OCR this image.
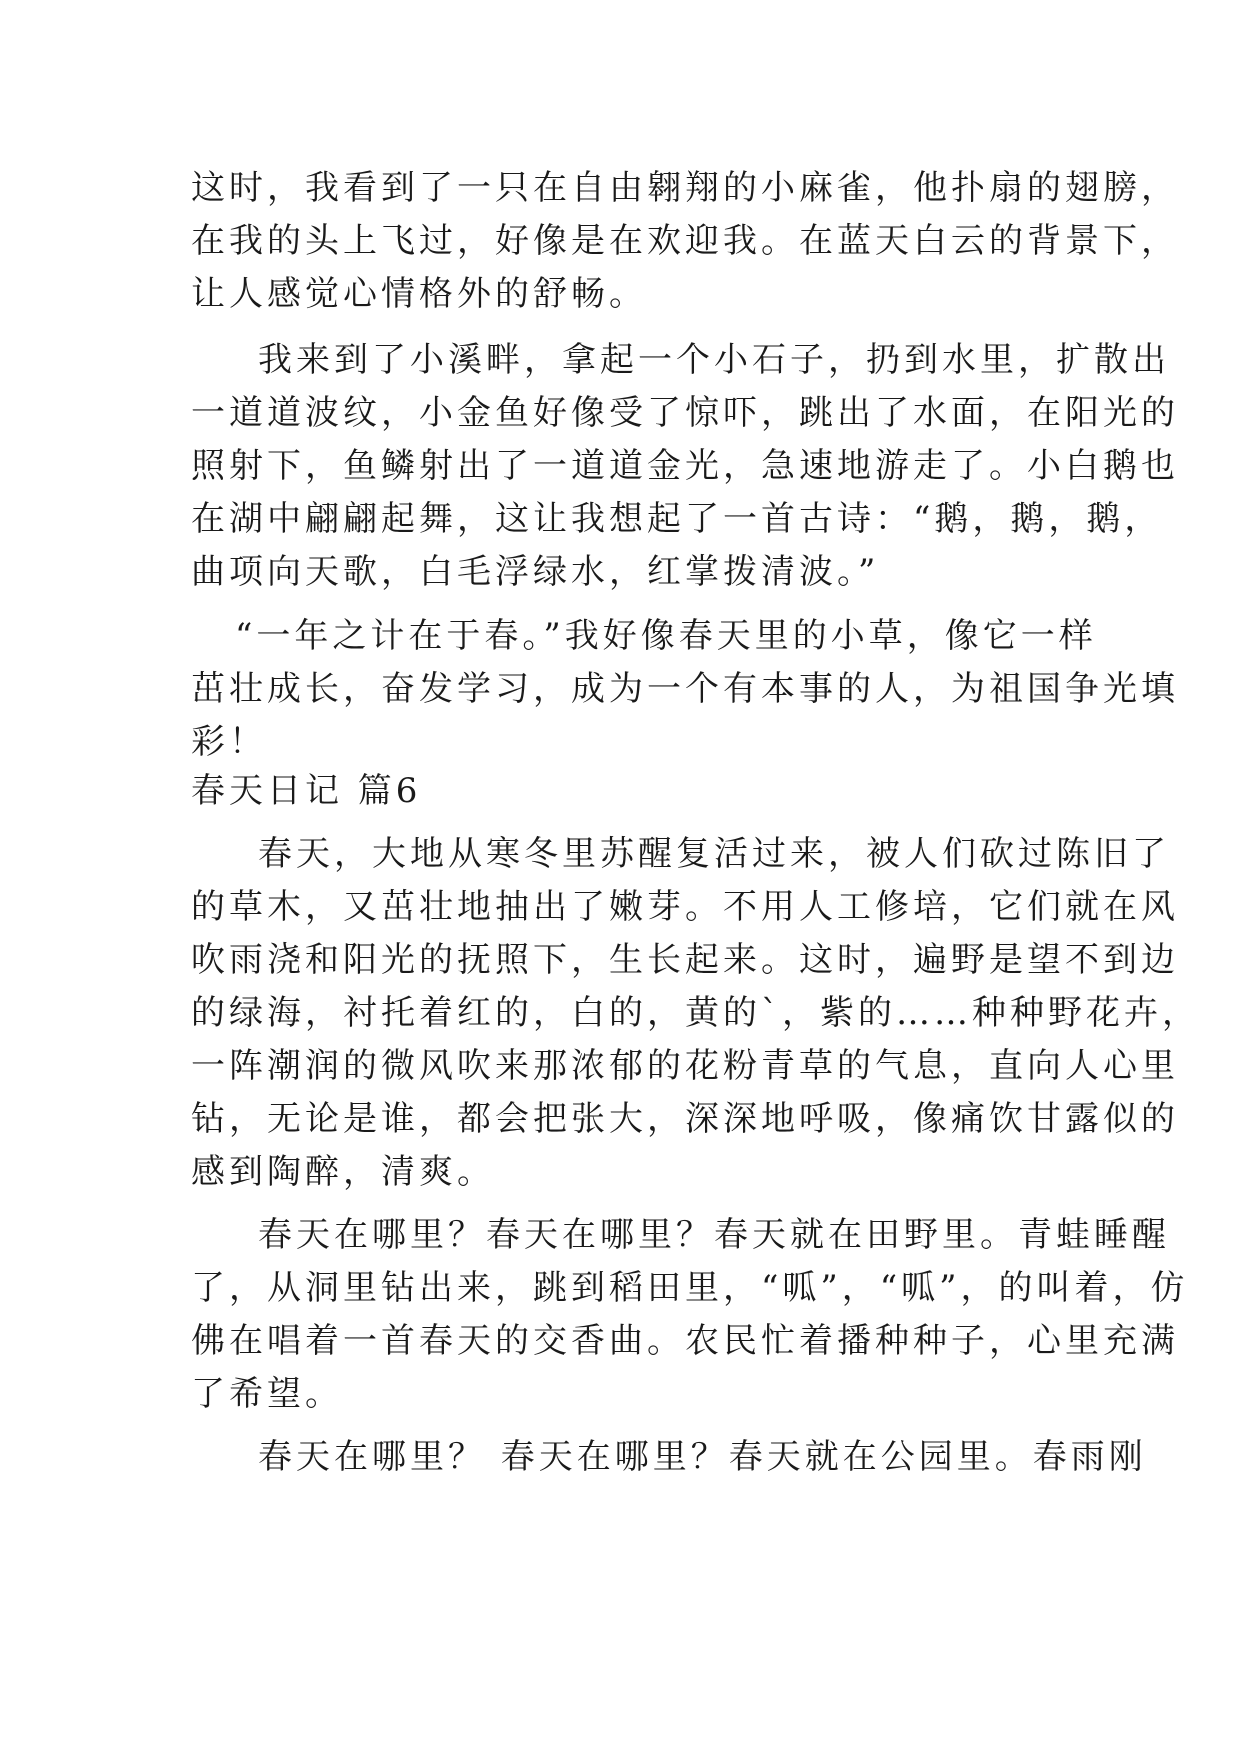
这时，我看到了一只在自由翱翔的小麻雀，他扑扇的翅膀，
在我的头上飞过，好像是在欢迎我。在蓝天白云的背景下，
让人感觉心情格外的舒畅。
我来到了小溪畔，拿起一个小石子，扔到水里，扩散出
一道道波纹，小金鱼好像受了惊吓，跳出了水面，在阳光的
照射下，鱼鳞射出了一道道金光，急速地游走了。小白鹅也
在湖中翩翩起舞，这让我想起了一首古诗：“鹅，鹅，鹅，
曲项向天歌，白毛浮绿水，红掌拨清波。”
“一年之计在于春。”我好像春天里的小草，像它一样
茁壮成长，奋发学习，成为一个有本事的人，为祖国争光填
彩！
春天日记 篇6
春天，大地从寒冬里苏醒复活过来，被人们砍过陈旧了
的草木，又茁壮地抽出了嫩芽。不用人工修培，它们就在风
吹雨浇和阳光的抚照下，生长起来。这时，遍野是望不到边
的绿海，衬托着红的，白的，黄的`，紫的……种种野花卉，
一阵潮润的微风吹来那浓郁的花粉青草的气息，直向人心里
钻，无论是谁，都会把张大，深深地呼吸，像痛饮甘露似的
感到陶醉，清爽。
春天在哪里？春天在哪里？春天就在田野里。青蛙睡醒
了，从洞里钻出来，跳到稻田里，“呱”，“呱”，的叫着，仿
佛在唱着一首春天的交香曲。农民忙着播种种子，心里充满
了希望。
春天在哪里？ 春天在哪里？春天就在公园里。春雨刚
